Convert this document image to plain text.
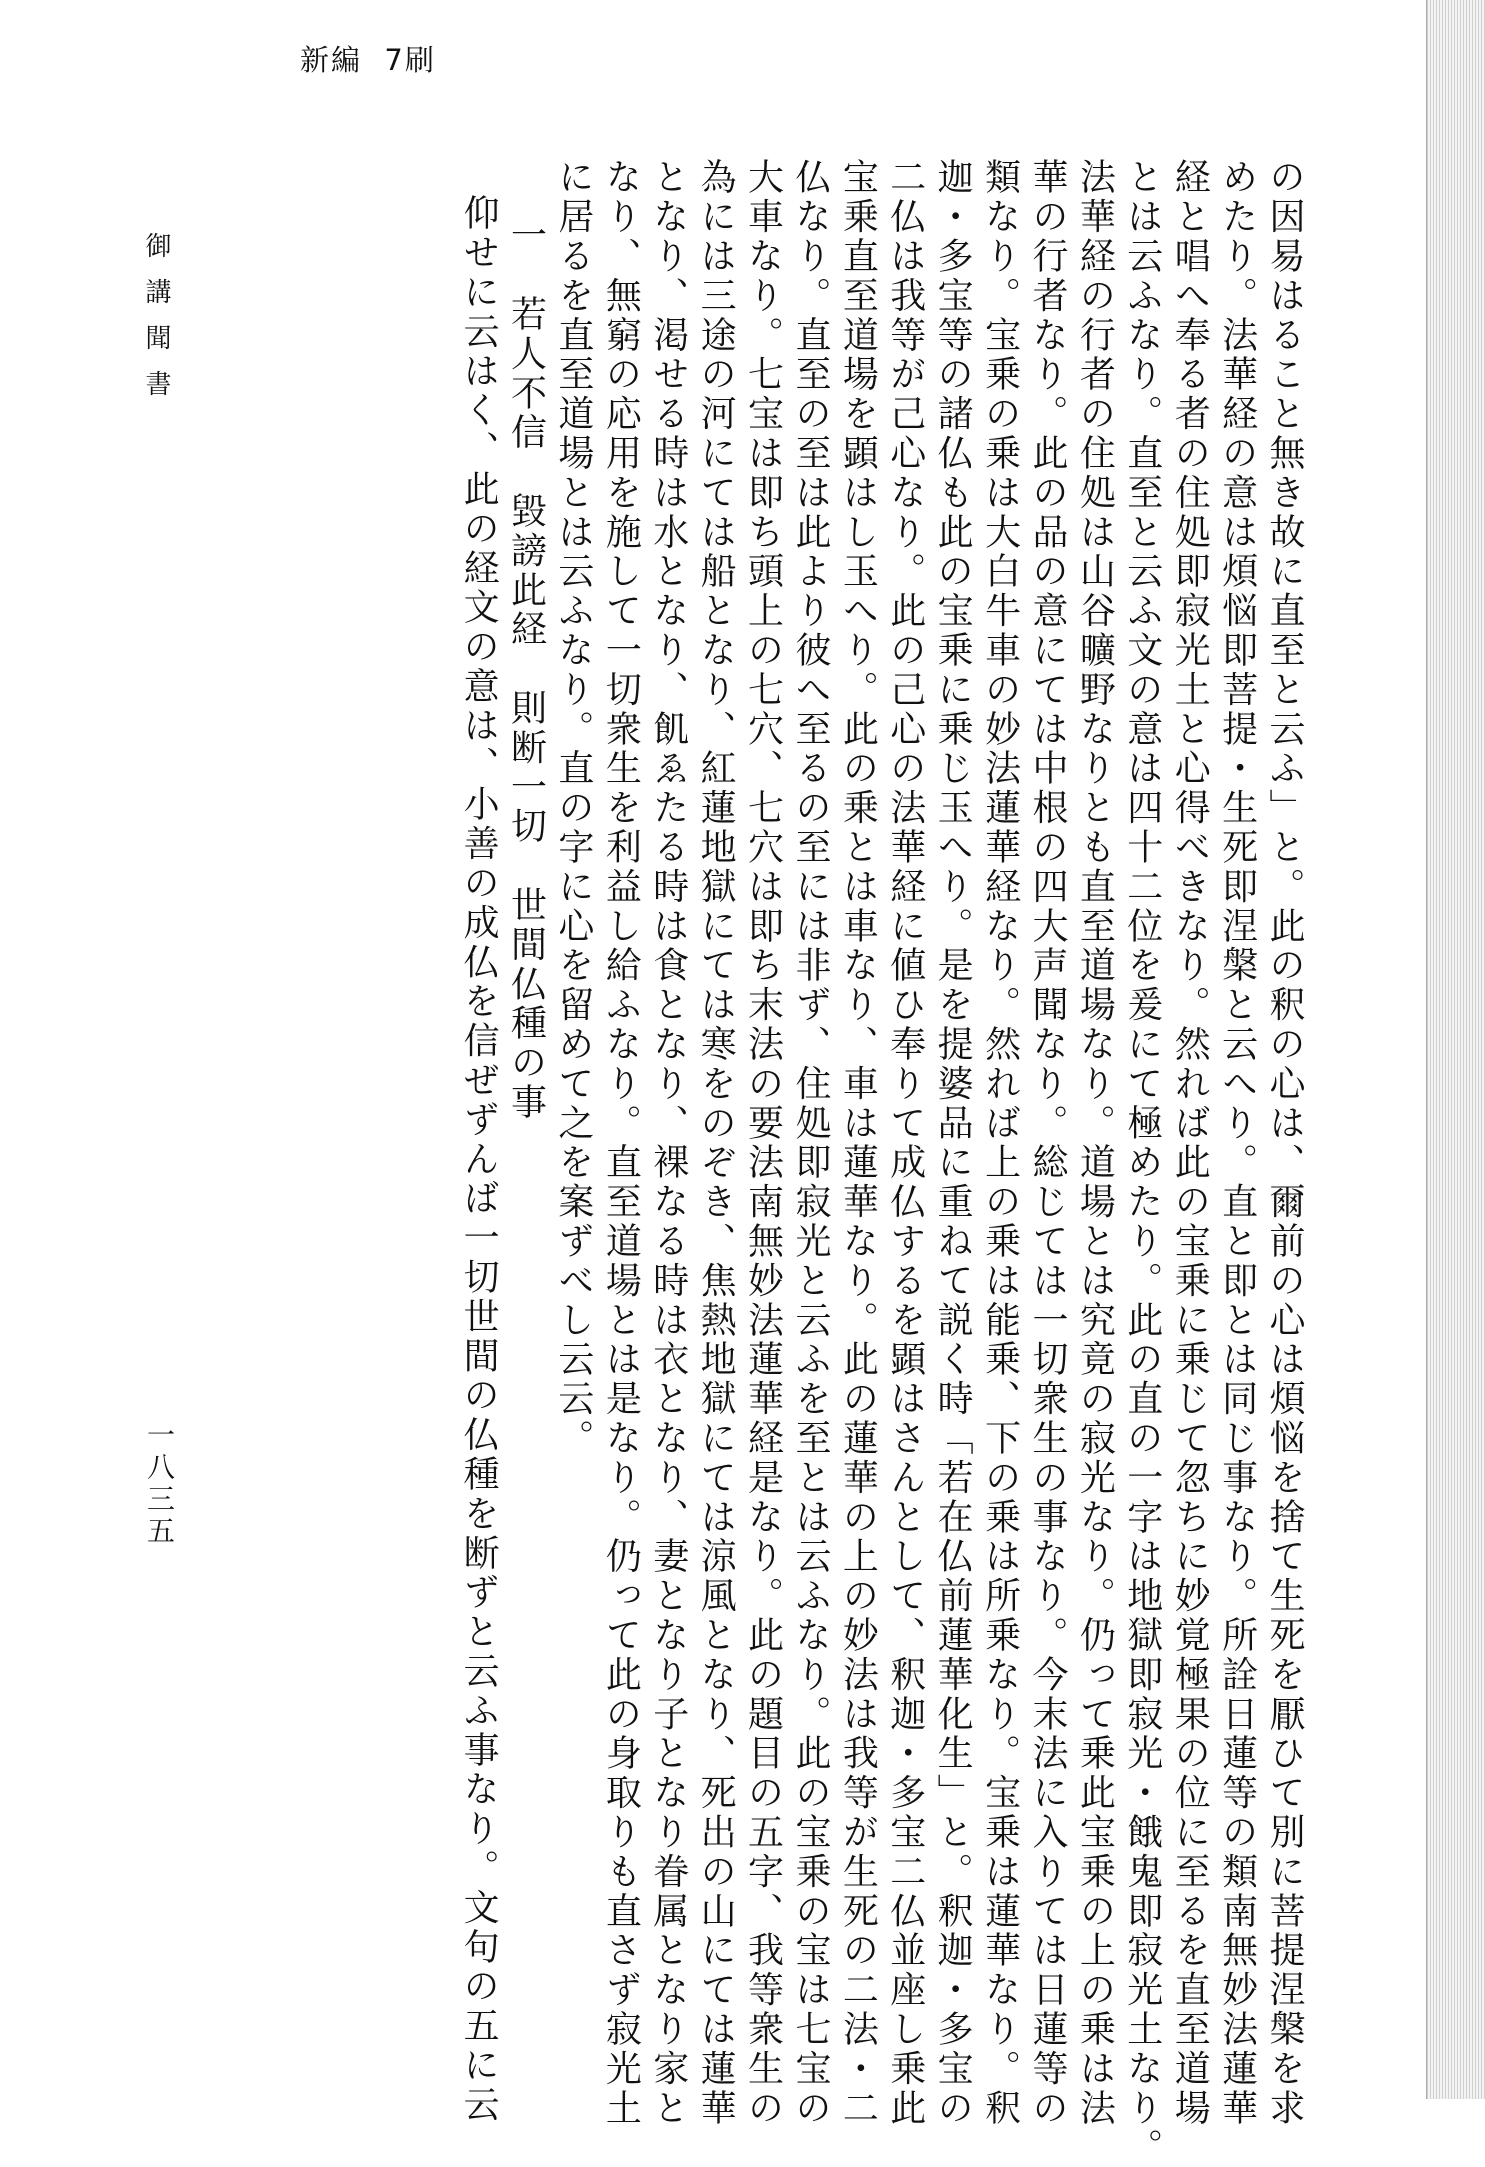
新編  7刷
の因易はること無き故に直至と云ふ」と。此の釈の心は、爾前の心は煩悩を捨て生死を厭ひて別に菩提涅槃を求
めたり。法華経の意は煩悩即菩提・生死即涅槃と云へり。直と即とは同じ事なり。所詮日蓮等の類南無妙法蓮華
経と唱へ奉る者の住処即寂光土と心得べきなり。然れば此の宝乗に乗じて忽ちに妙覚極果の位に至るを直至道場
とは云ふなり。直至と云ふ文の意は四十二位を爰にて極めたり。此の直の一字は地獄即寂光・餓鬼即寂光土なり。
法華経の行者の住処は山谷曠野なりとも直至道場なり。道場とは究竟の寂光なり。仍って乗此宝乗の上の乗は法
華の行者なり。此の品の意にては中根の四大声聞なり。総じては一切衆生の事なり。今末法に入りては日蓮等の
類なり。宝乗の乗は大白牛車の妙法蓮華経なり。然れば上の乗は能乗、下の乗は所乗なり。宝乗は蓮華なり。釈
迦・多宝等の諸仏も此の宝乗に乗じ玉へり。是を提婆品に重ねて説く時「若在仏前蓮華化生」と。釈迦・多宝の
二仏は我等が己心なり。此の己心の法華経に値ひ奉りて成仏するを顕はさんとして、釈迦・多宝二仏並座し乗此
宝乗直至道場を顕はし玉へり。此の乗とは車なり、車は蓮華なり。此の蓮華の上の妙法は我等が生死の二法・二
仏なり。直至の至は此より彼へ至るの至には非ず、住処即寂光と云ふを至とは云ふなり。此の宝乗の宝は七宝の
大車なり。七宝は即ち頭上の七穴、七穴は即ち末法の要法南無妙法蓮華経是なり。此の題目の五字、我等衆生の
為には三途の河にては船となり、紅蓮地獄にては寒をのぞき、焦熱地獄にては涼風となり、死出の山にては蓮華
となり、渇せる時は水となり、飢ゑたる時は食となり、裸なる時は衣となり、妻となり子となり眷属となり家と
なり、無窮の応用を施して一切衆生を利益し給ふなり。直至道場とは是なり。仍って此の身取りも直さず寂光土
に居るを直至道場とは云ふなり。直の字に心を留めて之を案ずべし云云。
一　若人不信　毀謗此経　則断一切　世間仏種の事
仰せに云はく、此の経文の意は、小善の成仏を信ぜずんば一切世間の仏種を断ずと云ふ事なり。文句の五に云
御講聞書
一八三五
